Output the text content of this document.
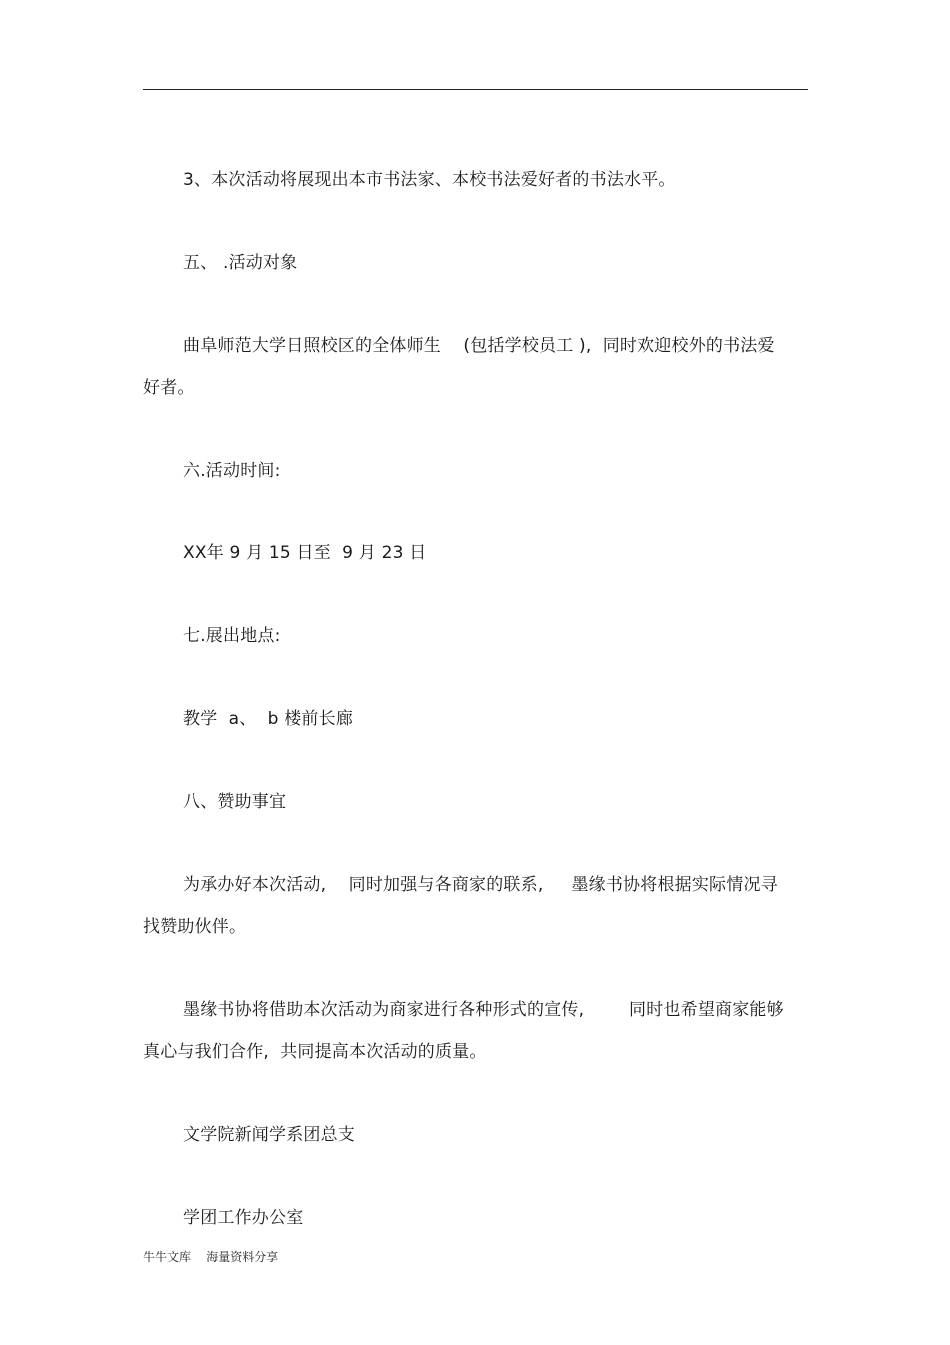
3、本次活动将展现出本市书法家、本校书法爱好者的书法水平。
五、 .活动对象
曲阜师范大学日照校区的全体师生    (包括学校员工 ),  同时欢迎校外的书法爱
好者。
六.活动时间:
XX年 9 月 15 日至  9 月 23 日
七.展出地点:
教学  a、  b 楼前长廊
八、赞助事宜
为承办好本次活动,    同时加强与各商家的联系,     墨缘书协将根据实际情况寻
找赞助伙伴。
墨缘书协将借助本次活动为商家进行各种形式的宣传,        同时也希望商家能够
真心与我们合作,  共同提高本次活动的质量。
文学院新闻学系团总支
学团工作办公室
牛牛文库    海量资料分享
